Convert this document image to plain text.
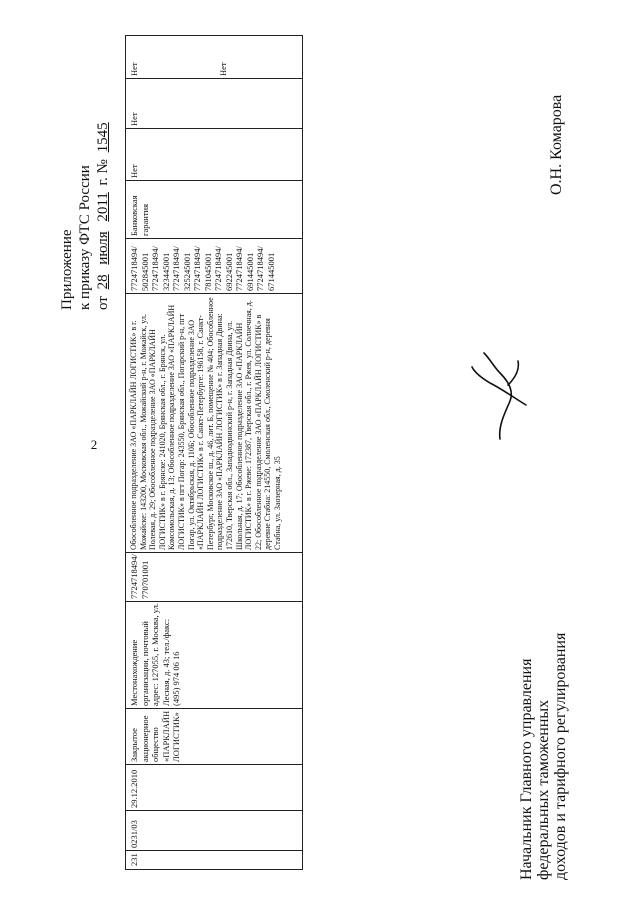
2
Приложение к приказу ФТС России от 28 июля 2011 г. № 1545
231
0231/03
29.12.2010
Закрытое акционерное общество «ПАРКЛАЙН ЛОГИСТИК»
Местонахождение организации, почтовый адрес: 127055, г. Москва, ул. Лесная, д. 43; тел./факс: (495) 974 06 16
7724718494/ 770701001
Обособленное подразделение ЗАО «ПАРКЛАЙН ЛОГИСТИК» в г. Можайске: 143200, Московская обл., Можайский р-н, г. Можайск, ул. Полевая, д. 29; Обособленное подразделение ЗАО «ПАРКЛАЙН ЛОГИСТИК» в г. Брянске: 241020, Брянская обл., г. Брянск, ул. Комсомольская, д. 13; Обособленное подразделение ЗАО «ПАРКЛАЙН ЛОГИСТИК» в пгт Погар: 243550, Брянская обл., Погарский р-н, пгт Погар, ул. Октябрьская, д. 110Б; Обособленное подразделение ЗАО «ПАРКЛАЙН ЛОГИСТИК» в г. Санкт-Петербурге: 196158, г. Санкт-Петербург, Московское ш., д. 46, лит. Б, помещение № 404; Обособленное подразделение ЗАО «ПАРКЛАЙН ЛОГИСТИК» в г. Западная Двина: 172610, Тверская обл., Западнодвинский р-н, г. Западная Двина, ул. Школьная, д. 17; Обособленное подразделение ЗАО «ПАРКЛАЙН ЛОГИСТИК» в г. Ржеве: 172387, Тверская обл., г. Ржев, ул. Солнечная, д. 22; Обособленное подразделение ЗАО «ПАРКЛАЙН ЛОГИСТИК» в деревне Стабна: 214550, Смоленская обл., Смоленский р-н, деревня Стабна, ул. Заозерная, д. 35
7724718494/ 502845001 7724718494/ 323445001 7724718494/ 325245001 7724718494/ 781045001 7724718494/ 692245001 7724718494/ 691445001 7724718494/ 671445001
Банковская гарантия
Нет
Нет
Нет	Нет
Начальник Главного управления федеральных таможенных доходов и тарифного регулирования
О.Н. Комарова
